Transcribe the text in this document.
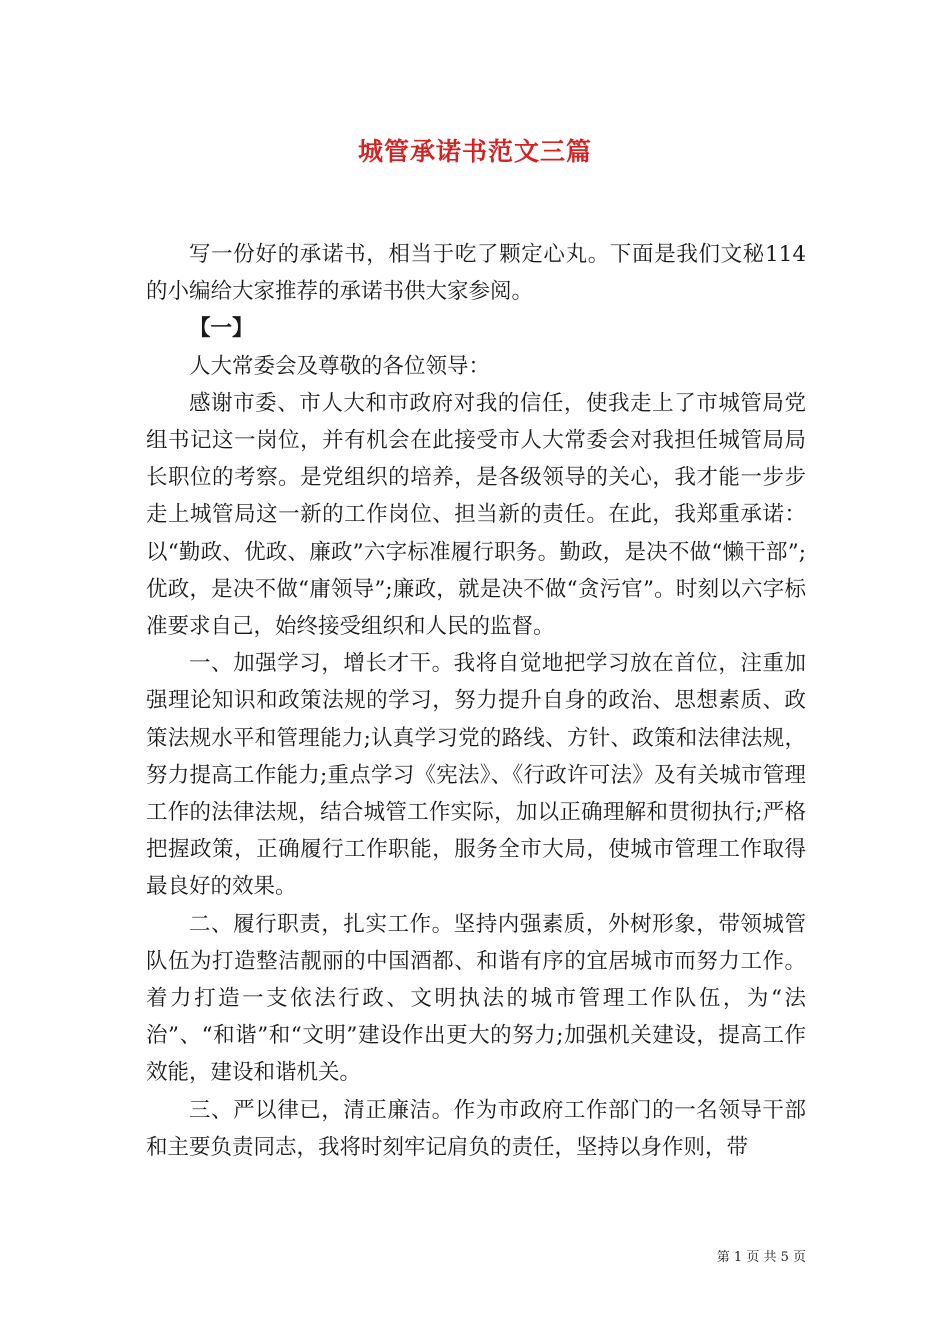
城管承诺书范文三篇

写一份好的承诺书，相当于吃了颗定心丸。下面是我们文秘114的小编给大家推荐的承诺书供大家参阅。

【一】

人大常委会及尊敬的各位领导：

感谢市委、市人大和市政府对我的信任，使我走上了市城管局党组书记这一岗位，并有机会在此接受市人大常委会对我担任城管局局长职位的考察。是党组织的培养，是各级领导的关心，我才能一步步走上城管局这一新的工作岗位、担当新的责任。在此，我郑重承诺：以“勤政、优政、廉政”六字标准履行职务。勤政，是决不做“懒干部”;优政，是决不做“庸领导”;廉政，就是决不做“贪污官”。时刻以六字标准要求自己，始终接受组织和人民的监督。

一、加强学习，增长才干。我将自觉地把学习放在首位，注重加强理论知识和政策法规的学习，努力提升自身的政治、思想素质、政策法规水平和管理能力;认真学习党的路线、方针、政策和法律法规，努力提高工作能力;重点学习《宪法》、《行政许可法》及有关城市管理工作的法律法规，结合城管工作实际，加以正确理解和贯彻执行;严格把握政策，正确履行工作职能，服务全市大局，使城市管理工作取得最良好的效果。

二、履行职责，扎实工作。坚持内强素质，外树形象，带领城管队伍为打造整洁靓丽的中国酒都、和谐有序的宜居城市而努力工作。着力打造一支依法行政、文明执法的城市管理工作队伍，为“法治”、“和谐”和“文明”建设作出更大的努力;加强机关建设，提高工作效能，建设和谐机关。

三、严以律已，清正廉洁。作为市政府工作部门的一名领导干部和主要负责同志，我将时刻牢记肩负的责任，坚持以身作则，带

第 1 页 共 5 页
